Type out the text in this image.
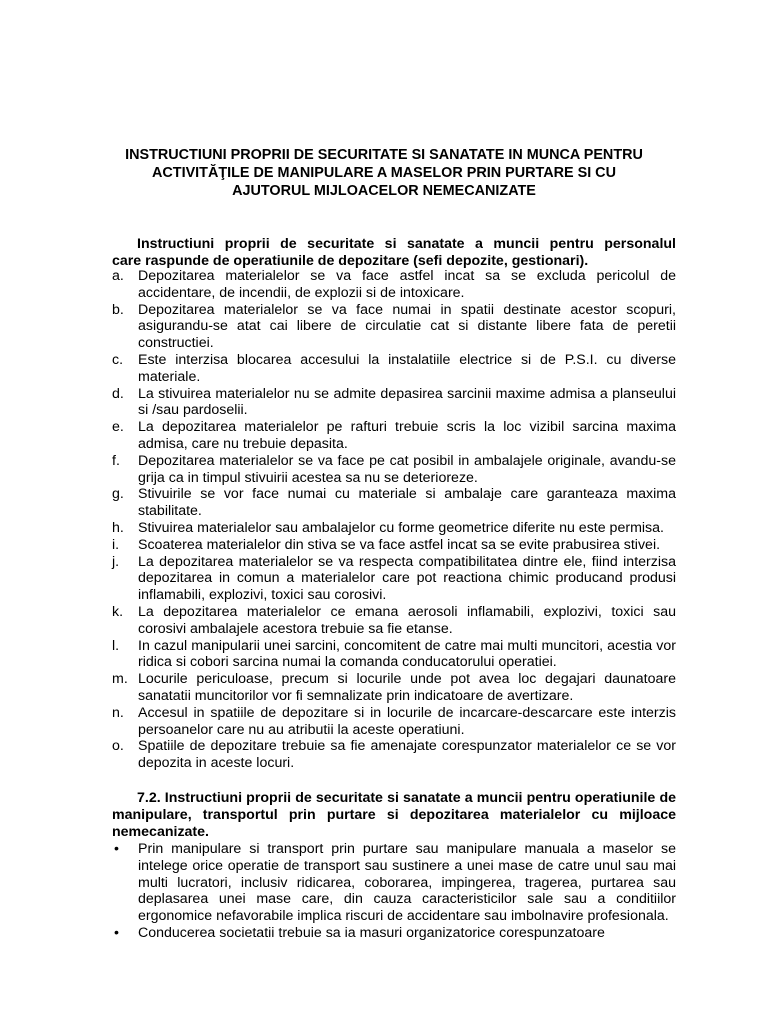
INSTRUCTIUNI PROPRII DE SECURITATE SI SANATATE IN MUNCA PENTRU
ACTIVITĂŢILE DE MANIPULARE A MASELOR PRIN PURTARE SI CU
AJUTORUL MIJLOACELOR NEMECANIZATE

Instructiuni proprii de securitate si sanatate a muncii pentru personalul
care raspunde de operatiunile de depozitare (sefi depozite, gestionari).

a. Depozitarea materialelor se va face astfel incat sa se excluda pericolul de accidentare, de incendii, de explozii si de intoxicare.
b. Depozitarea materialelor se va face numai in spatii destinate acestor scopuri, asigurandu-se atat cai libere de circulatie cat si distante libere fata de peretii constructiei.
c. Este interzisa blocarea accesului la instalatiile electrice si de P.S.I. cu diverse materiale.
d. La stivuirea materialelor nu se admite depasirea sarcinii maxime admisa a planseului si /sau pardoselii.
e. La depozitarea materialelor pe rafturi trebuie scris la loc vizibil sarcina maxima admisa, care nu trebuie depasita.
f. Depozitarea materialelor se va face pe cat posibil in ambalajele originale, avandu-se grija ca in timpul stivuirii acestea sa nu se deterioreze.
g. Stivuirile se vor face numai cu materiale si ambalaje care garanteaza maxima stabilitate.
h. Stivuirea materialelor sau ambalajelor cu forme geometrice diferite nu este permisa.
i. Scoaterea materialelor din stiva se va face astfel incat sa se evite prabusirea stivei.
j. La depozitarea materialelor se va respecta compatibilitatea dintre ele, fiind interzisa depozitarea in comun a materialelor care pot reactiona chimic producand produsi inflamabili, explozivi, toxici sau corosivi.
k. La depozitarea materialelor ce emana aerosoli inflamabili, explozivi, toxici sau corosivi ambalajele acestora trebuie sa fie etanse.
l. In cazul manipularii unei sarcini, concomitent de catre mai multi muncitori, acestia vor ridica si cobori sarcina numai la comanda conducatorului operatiei.
m. Locurile periculoase, precum si locurile unde pot avea loc degajari daunatoare sanatatii muncitorilor vor fi semnalizate prin indicatoare de avertizare.
n. Accesul in spatiile de depozitare si in locurile de incarcare-descarcare este interzis persoanelor care nu au atributii la aceste operatiuni.
o. Spatiile de depozitare trebuie sa fie amenajate corespunzator materialelor ce se vor depozita in aceste locuri.

7.2. Instructiuni proprii de securitate si sanatate a muncii pentru operatiunile de manipulare, transportul prin purtare si depozitarea materialelor cu mijloace nemecanizate.

• Prin manipulare si transport prin purtare sau manipulare manuala a maselor se intelege orice operatie de transport sau sustinere a unei mase de catre unul sau mai multi lucratori, inclusiv ridicarea, coborarea, impingerea, tragerea, purtarea sau deplasarea unei mase care, din cauza caracteristicilor sale sau a conditiilor ergonomice nefavorabile implica riscuri de accidentare sau imbolnavire profesionala.
• Conducerea societatii trebuie sa ia masuri organizatorice corespunzatoare
